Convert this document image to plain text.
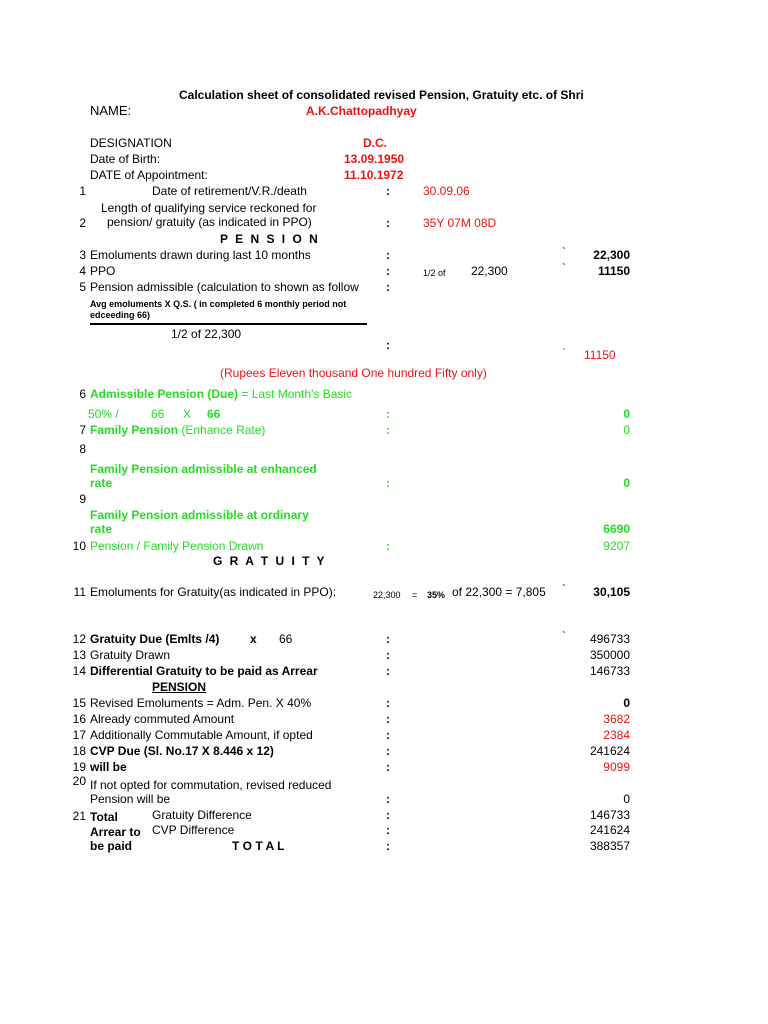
Calculation sheet of consolidated revised Pension, Gratuity etc. of Shri
NAME:	A.K.Chattopadhyay
DESIGNATION	D.C.
Date of Birth:	13.09.1950
DATE of Appointment:	11.10.1972
1	Date of retirement/V.R./death	:	30.09.06
Length of qualifying service reckoned for
2 pension/ gratuity (as indicated in PPO)	:	35Y 07M 08D
P E N S I O N
3 Emoluments drawn during last 10 months	:	`	22,300
4 PPO	:	1/2 of 22,300	`	11150
5 Pension admissible (calculation to shown as follow :
Avg emoluments X Q.S. ( in completed 6 monthly period not
edceeding 66)
1/2 of 22,300
:
` 11150
(Rupees Eleven thousand One hundred Fifty only)
6 Admissible Pension (Due) = Last Month's Basic
50% /	66 X 66	:	0
7 Family Pension (Enhance Rate)	:	0
8
Family Pension admissible at enhanced
rate	:	0
9
Family Pension admissible at ordinary
rate	6690
10 Pension / Family Pension Drawn	:	9207
G R A T U I T Y
11 Emoluments for Gratuity(as indicated in PPO):	22,300 = 35% of 22,300 = 7,805 `	30,105
12 Gratuity Due (Emlts /4)	x 66	:	`	496733
13 Gratuity Drawn	:	350000
14 Differential Gratuity to be paid as Arrear	:	146733
PENSION
15 Revised Emoluments = Adm. Pen. X 40%	:	0
16 Already commuted Amount	:	3682
17 Additionally Commutable Amount, if opted	:	2384
18 CVP Due (Sl. No.17 X 8.446 x 12)	:	241624
19 will be	:	9099
20 If not opted for commutation, revised reduced
Pension will be	:	0
21 Total
Arrear to
be paid
Gratuity Difference	:	146733
CVP Difference	:	241624
T O T A L	:	388357
